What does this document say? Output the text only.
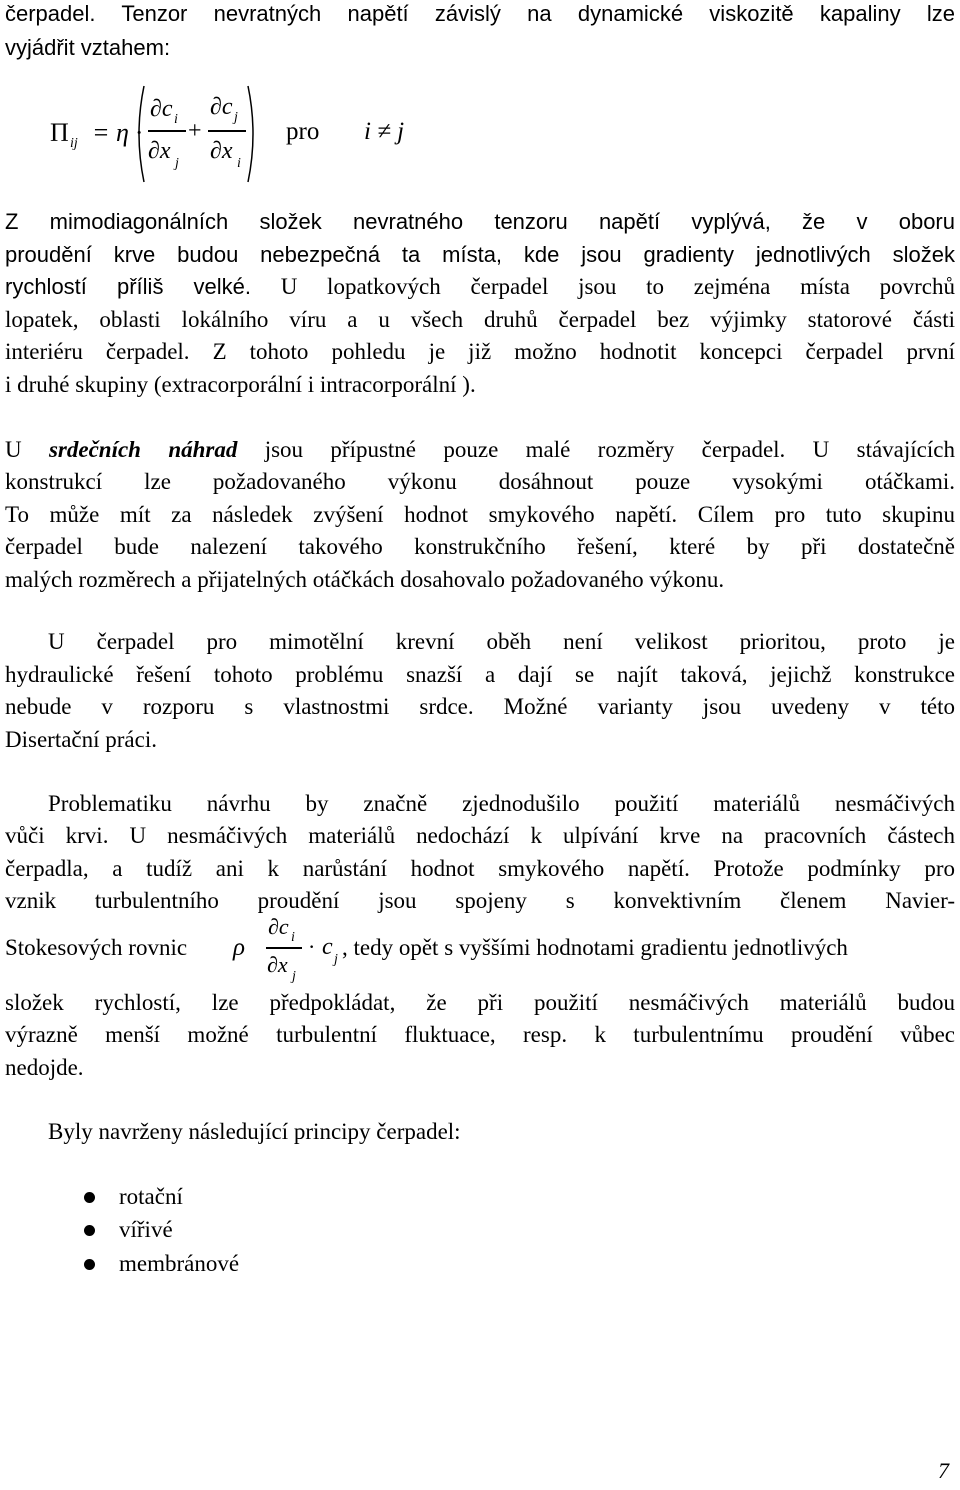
čerpadel. Tenzor nevratných napětí závislý na dynamické viskozitě kapaliny lze
vyjádřit vztahem:
Π ij = η ·
∂c i
∂x j
+
∂c j
∂x i
pro i ≠ j
Z mimodiagonálních složek nevratného tenzoru napětí vyplývá, že v oboru
proudění krve budou nebezpečná ta místa, kde jsou gradienty jednotlivých složek
rychlostí příliš velké. U lopatkových čerpadel jsou to zejména místa povrchů
lopatek, oblasti lokálního víru a u všech druhů čerpadel bez výjimky statorové části
interiéru čerpadel. Z tohoto pohledu je již možno hodnotit koncepci čerpadel první
i druhé skupiny (extracorporální i intracorporální ).
U srdečních náhrad jsou přípustné pouze malé rozměry čerpadel. U stávajících
konstrukcí lze požadovaného výkonu dosáhnout pouze vysokými otáčkami.
To může mít za následek zvýšení hodnot smykového napětí. Cílem pro tuto skupinu
čerpadel bude nalezení takového konstrukčního řešení, které by při dostatečně
malých rozměrech a přijatelných otáčkách dosahovalo požadovaného výkonu.
U čerpadel pro mimotělní krevní oběh není velikost prioritou, proto je
hydraulické řešení tohoto problému snazší a dají se najít taková, jejichž konstrukce
nebude v rozporu s vlastnostmi srdce. Možné varianty jsou uvedeny v této
Disertační práci.
Problematiku návrhu by značně zjednodušilo použití materiálů nesmáčivých
vůči krvi. U nesmáčivých materiálů nedochází k ulpívání krve na pracovních částech
čerpadla, a tudíž ani k narůstání hodnot smykového napětí. Protože podmínky pro
vznik turbulentního proudění jsou spojeny s konvektivním členem Navier-
Stokesových rovnic ρ
∂c i
∂x j
· c j , tedy opět s vyššími hodnotami gradientu jednotlivých
složek rychlostí, lze předpokládat, že při použití nesmáčivých materiálů budou
výrazně menší možné turbulentní fluktuace, resp. k turbulentnímu proudění vůbec
nedojde.
Byly navrženy následující principy čerpadel:
rotační
vířivé
membránové
7
